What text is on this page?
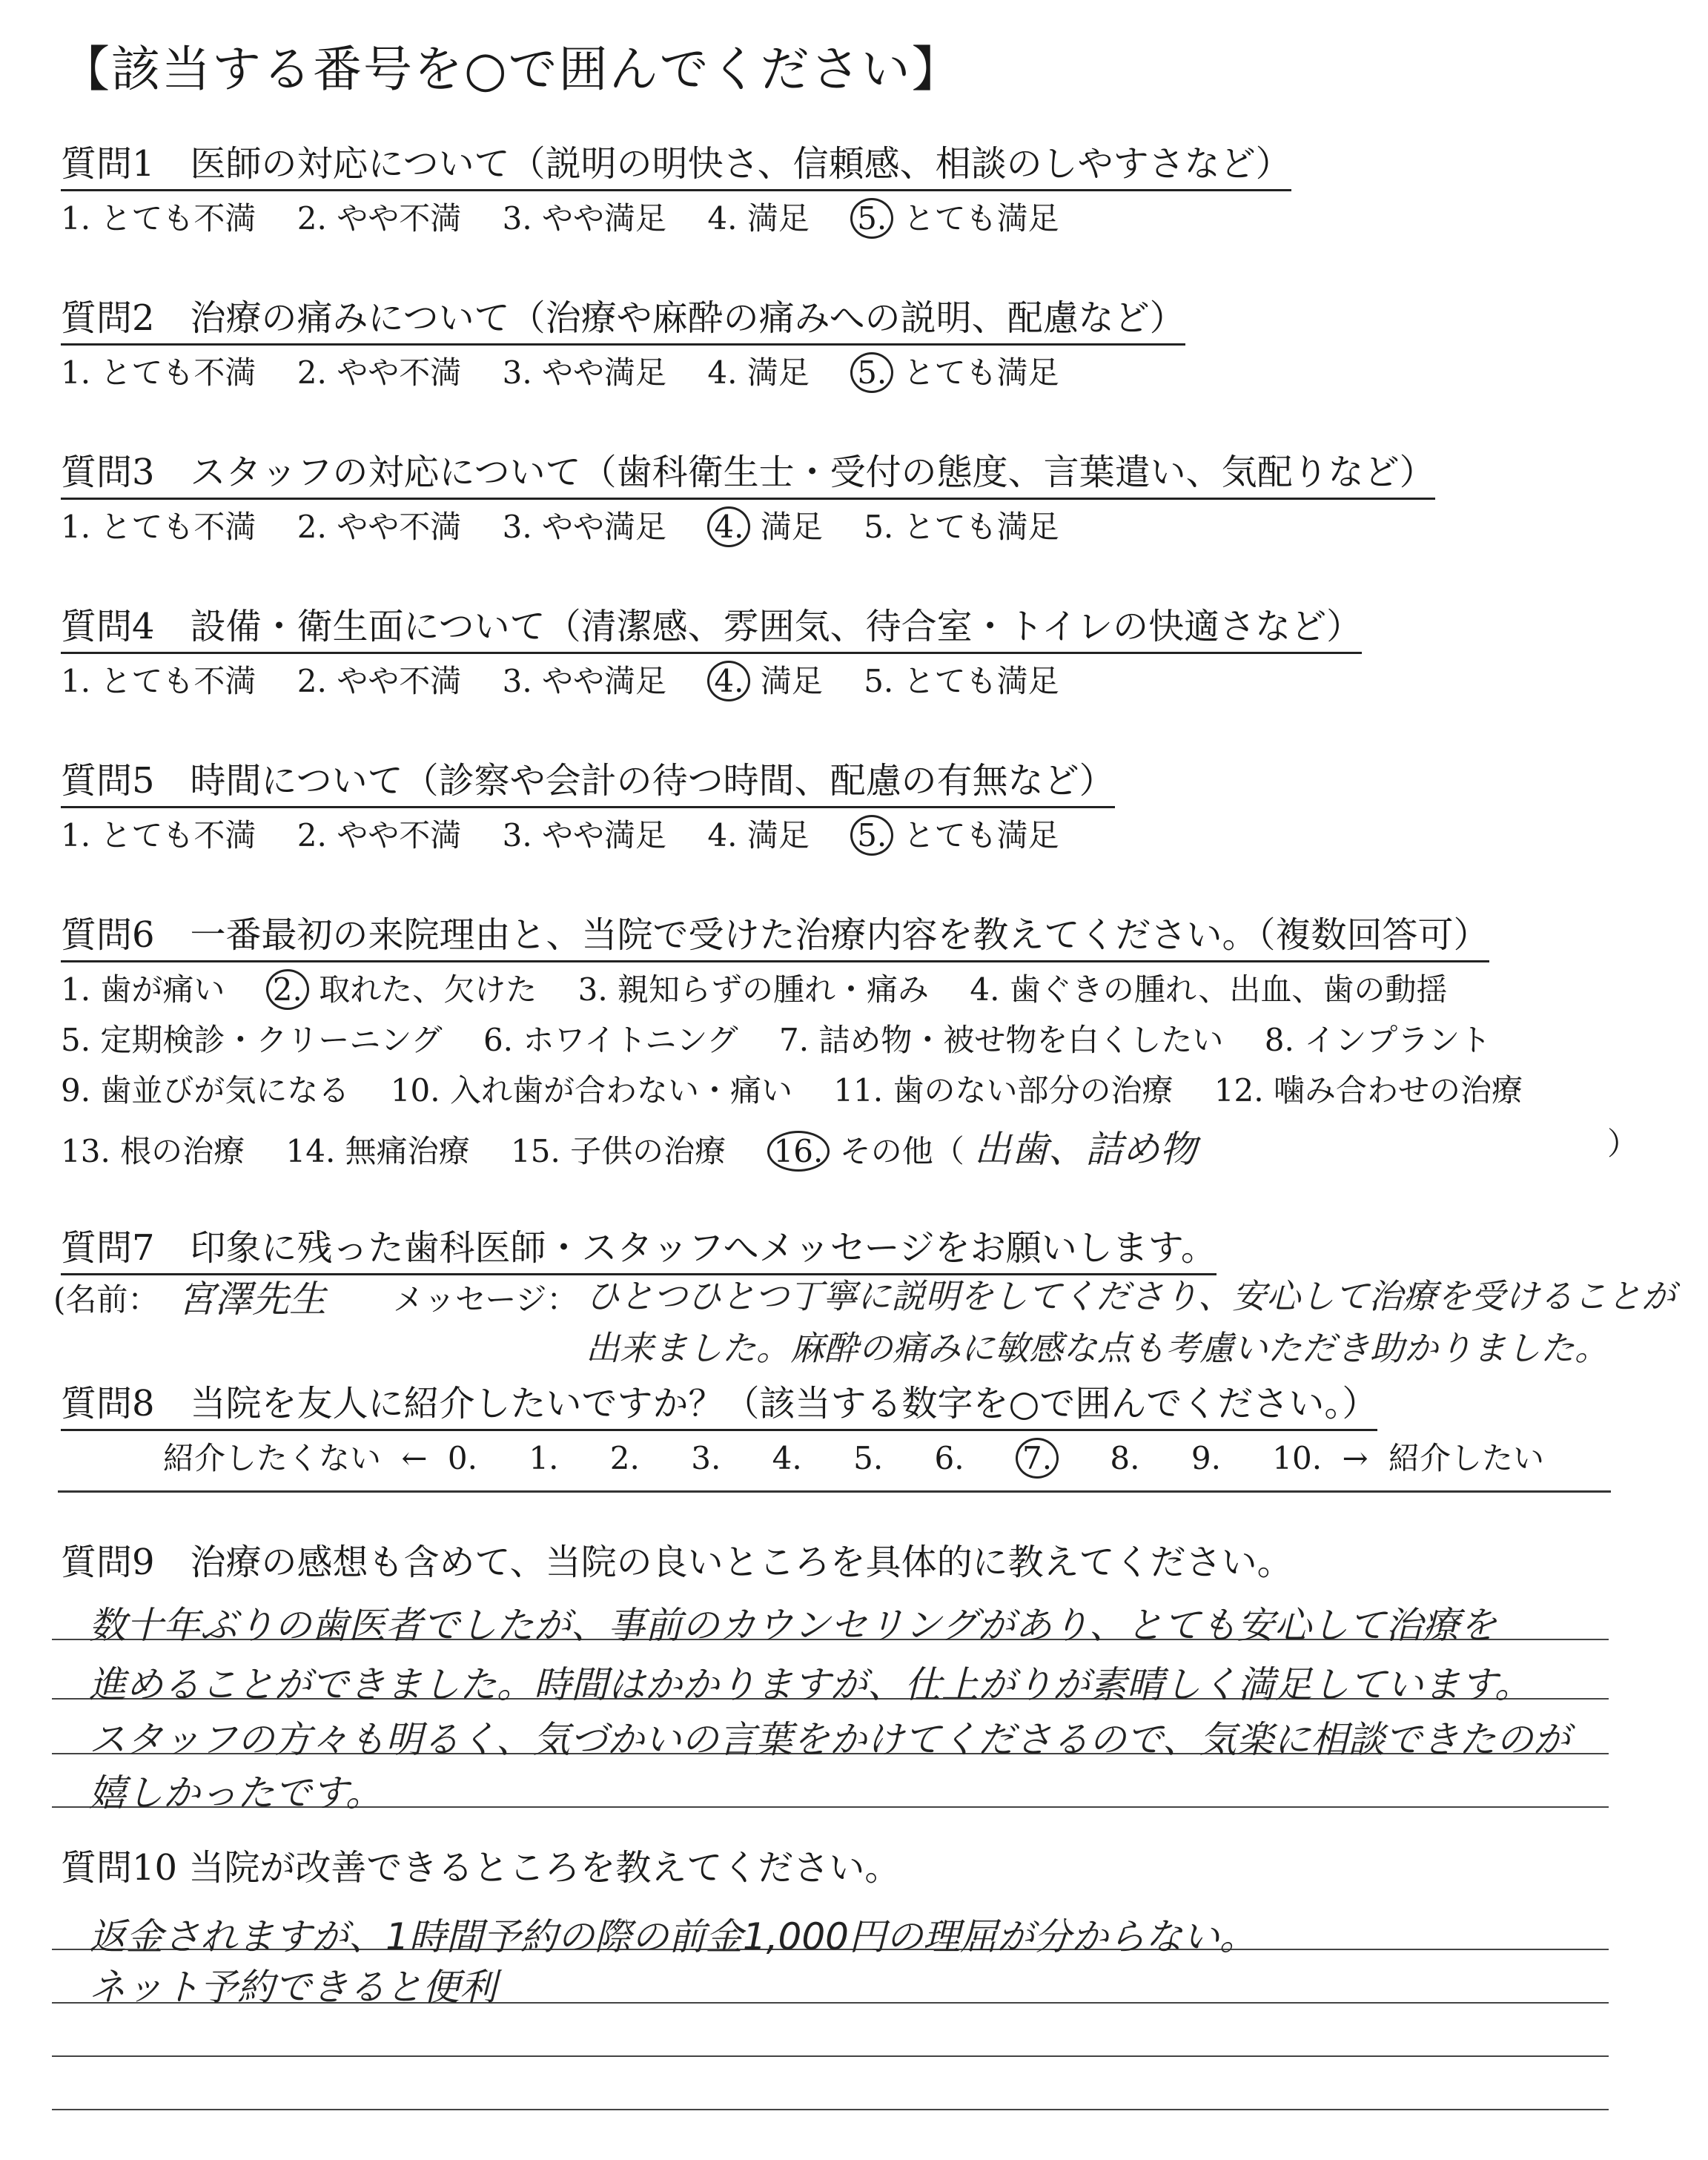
【該当する番号を○で囲んでください】
質問1　医師の対応について（説明の明快さ、信頼感、相談のしやすさなど）
1. とても不満　 2. やや不満　 3. やや満足　 4. 満足　 5. とても満足
質問2　治療の痛みについて（治療や麻酔の痛みへの説明、配慮など）
1. とても不満　 2. やや不満　 3. やや満足　 4. 満足　 5. とても満足
質問3　スタッフの対応について（歯科衛生士・受付の態度、言葉遣い、気配りなど）
1. とても不満　 2. やや不満　 3. やや満足　 4. 満足　 5. とても満足
質問4　設備・衛生面について（清潔感、雰囲気、待合室・トイレの快適さなど）
1. とても不満　 2. やや不満　 3. やや満足　 4. 満足　 5. とても満足
質問5　時間について（診察や会計の待つ時間、配慮の有無など）
1. とても不満　 2. やや不満　 3. やや満足　 4. 満足　 5. とても満足
質問6　一番最初の来院理由と、当院で受けた治療内容を教えてください。（複数回答可）
1. 歯が痛い　 2. 取れた、欠けた　 3. 親知らずの腫れ・痛み　 4. 歯ぐきの腫れ、出血、歯の動揺
5. 定期検診・クリーニング　 6. ホワイトニング　 7. 詰め物・被せ物を白くしたい　 8. インプラント
9. 歯並びが気になる　 10. 入れ歯が合わない・痛い　 11. 歯のない部分の治療　 12. 噛み合わせの治療
13. 根の治療　 14. 無痛治療　 15. 子供の治療　 16. その他（ 出歯、詰め物	）
質問7　印象に残った歯科医師・スタッフへメッセージをお願いします。
(名前： 宮澤先生 メッセージ： ひとつひとつ丁寧に説明をしてくださり、安心して治療を受けることが
出来ました。麻酔の痛みに敏感な点も考慮いただき助かりました。
質問8　当院を友人に紹介したいですか？（該当する数字を○で囲んでください。）
紹介したくない ← 0.　 1.　 2.　 3.　 4.　 5.　 6.　 7.　 8.　 9.　 10. → 紹介したい
質問9　治療の感想も含めて、当院の良いところを具体的に教えてください。
数十年ぶりの歯医者でしたが、事前のカウンセリングがあり、とても安心して治療を
進めることができました。時間はかかりますが、仕上がりが素晴しく満足しています。
スタッフの方々も明るく、気づかいの言葉をかけてくださるので、気楽に相談できたのが
嬉しかったです。
質問10 当院が改善できるところを教えてください。
返金されますが、1時間予約の際の前金1,000円の理屈が分からない。
ネット予約できると便利
